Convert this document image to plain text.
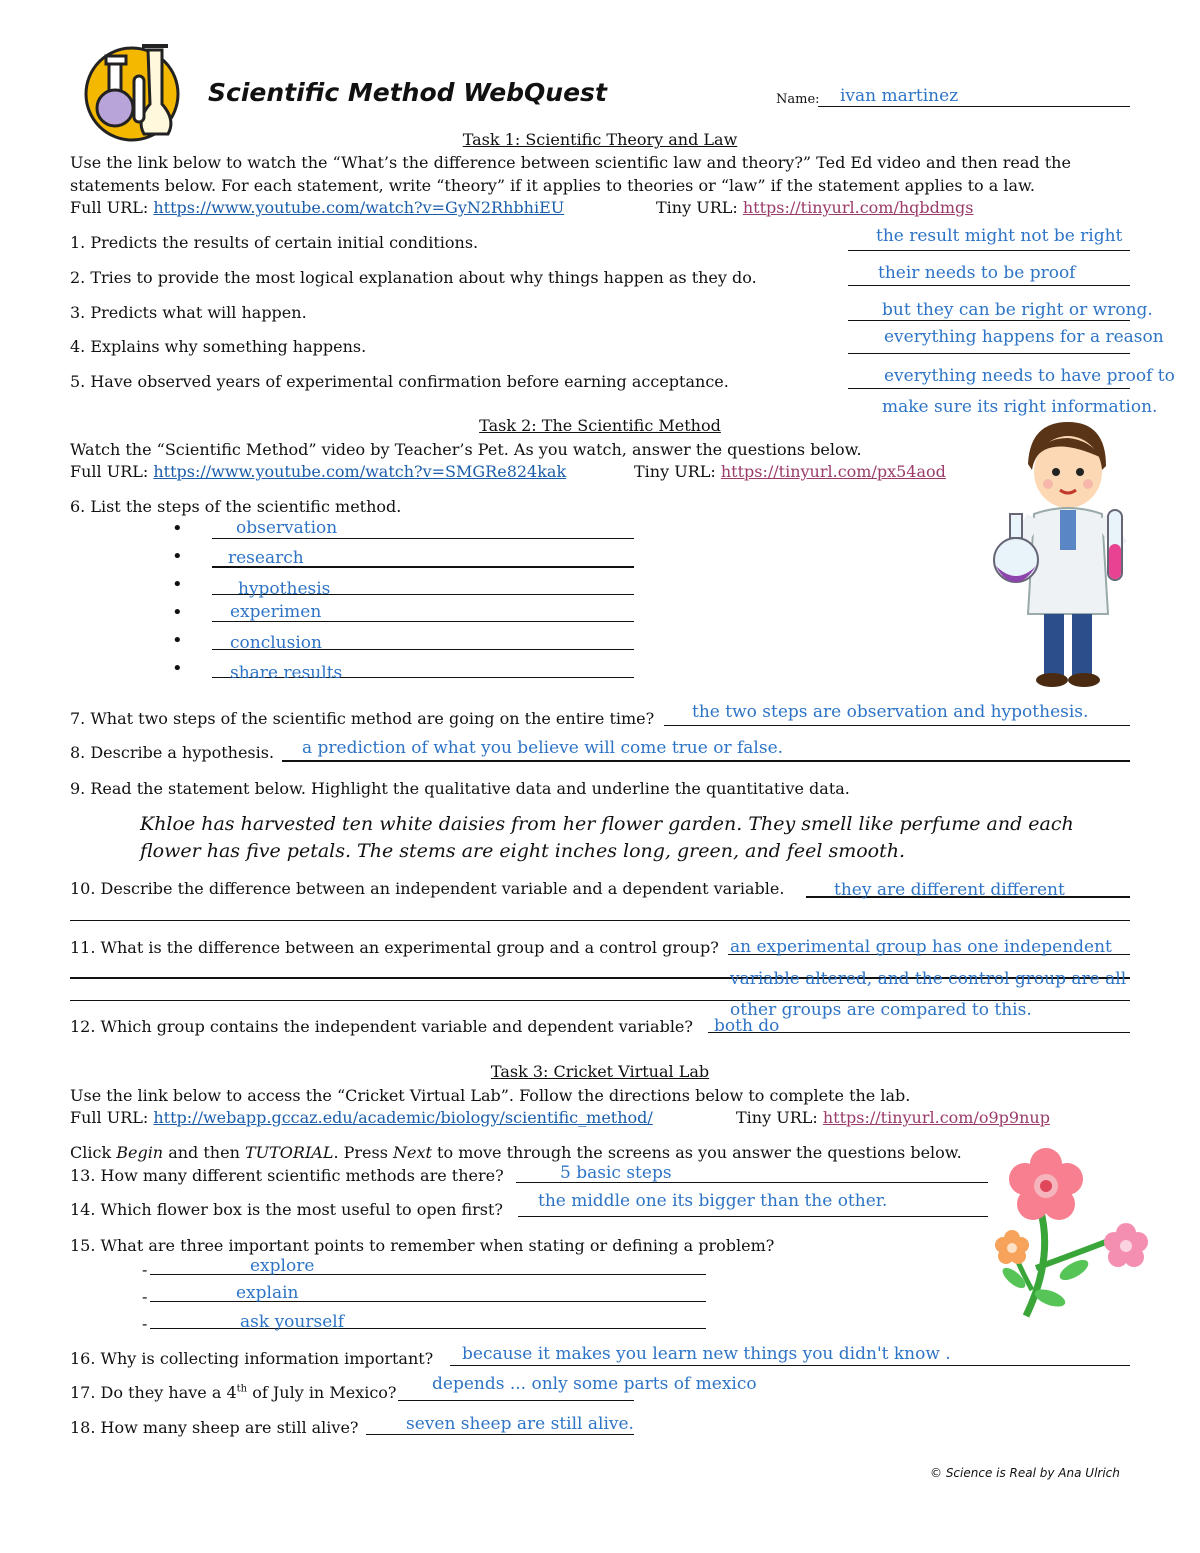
Scientific Method WebQuest	Name: ivan martinez
Task 1: Scientific Theory and Law
Use the link below to watch the “What’s the difference between scientific law and theory?” Ted Ed video and then read the
statements below. For each statement, write “theory” if it applies to theories or “law” if the statement applies to a law.
Full URL: https://www.youtube.com/watch?v=GyN2RhbhiEU	Tiny URL: https://tinyurl.com/hqbdmgs
1. Predicts the results of certain initial conditions.	the result might not be right
2. Tries to provide the most logical explanation about why things happen as they do.	their needs to be proof
3. Predicts what will happen.	but they can be right or wrong.
4. Explains why something happens.	everything happens for a reason
5. Have observed years of experimental confirmation before earning acceptance.	everything needs to have proof to
make sure its right information.
Task 2: The Scientific Method
Watch the “Scientific Method” video by Teacher’s Pet. As you watch, answer the questions below.
Full URL: https://www.youtube.com/watch?v=SMGRe824kak	Tiny URL: https://tinyurl.com/px54aod
6. List the steps of the scientific method.
•	observation
•	research
•	hypothesis
•	experimen
•	conclusion
•	share results
7. What two steps of the scientific method are going on the entire time? the two steps are observation and hypothesis.
8. Describe a hypothesis. a prediction of what you believe will come true or false.
9. Read the statement below. Highlight the qualitative data and underline the quantitative data.
Khloe has harvested ten white daisies from her flower garden. They smell like perfume and each
flower has five petals. The stems are eight inches long, green, and feel smooth.
10. Describe the difference between an independent variable and a dependent variable.	they are different different
11. What is the difference between an experimental group and a control group? an experimental group has one independent
variable altered, and the control group are all
other groups are compared to this.
12. Which group contains the independent variable and dependent variable? both do
Task 3: Cricket Virtual Lab
Use the link below to access the “Cricket Virtual Lab”. Follow the directions below to complete the lab.
Full URL: http://webapp.gccaz.edu/academic/biology/scientific_method/	Tiny URL: https://tinyurl.com/o9p9nup
Click Begin and then TUTORIAL. Press Next to move through the screens as you answer the questions below.
13. How many different scientific methods are there?	5 basic steps
14. Which flower box is the most useful to open first? the middle one its bigger than the other.
15. What are three important points to remember when stating or defining a problem?
-	explore
-	explain
-	ask yourself
16. Why is collecting information important? because it makes you learn new things you didn't know .
17. Do they have a 4th of July in Mexico? depends ... only some parts of mexico
18. How many sheep are still alive?	seven sheep are still alive.
© Science is Real by Ana Ulrich
